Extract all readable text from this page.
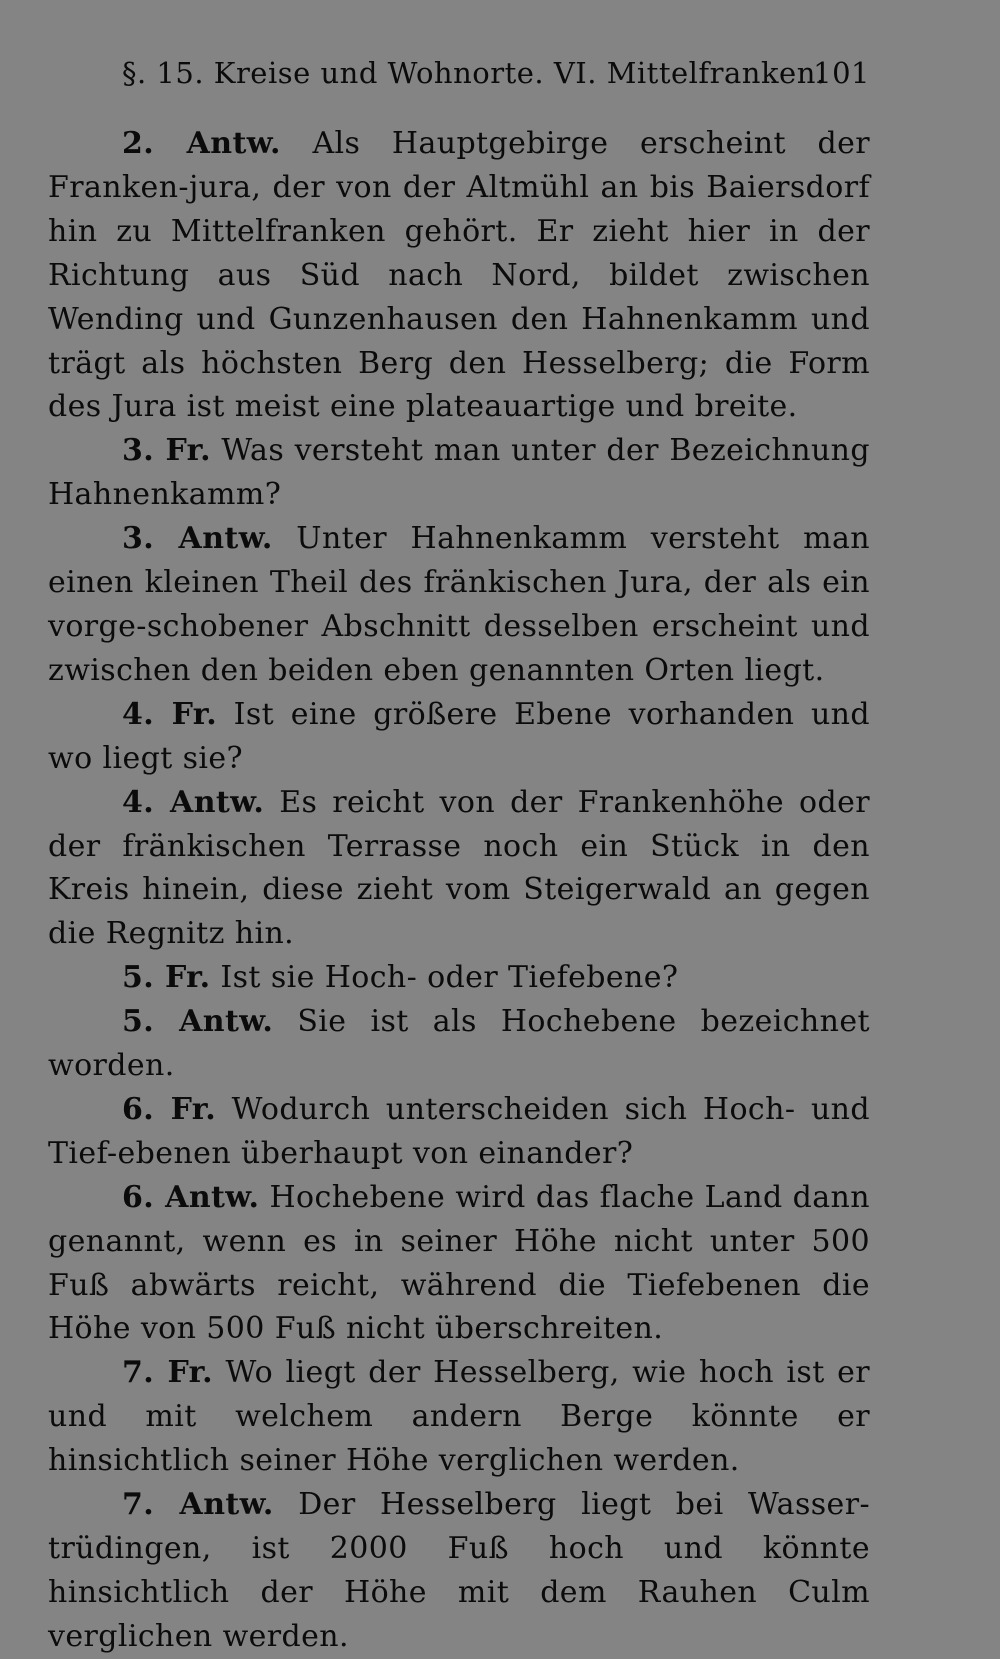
§. 15. Kreise und Wohnorte. VI. Mittelfranken.
101

2. Antw. Als Hauptgebirge erscheint der Franken-jura, der von der Altmühl an bis Baiersdorf hin zu Mittelfranken gehört. Er zieht hier in der Richtung aus Süd nach Nord, bildet zwischen Wending und Gunzenhausen den Hahnenkamm und trägt als höchsten Berg den Hesselberg; die Form des Jura ist meist eine plateauartige und breite.

3. Fr. Was versteht man unter der Bezeichnung Hahnenkamm?

3. Antw. Unter Hahnenkamm versteht man einen kleinen Theil des fränkischen Jura, der als ein vorge-schobener Abschnitt desselben erscheint und zwischen den beiden eben genannten Orten liegt.

4. Fr. Ist eine größere Ebene vorhanden und wo liegt sie?

4. Antw. Es reicht von der Frankenhöhe oder der fränkischen Terrasse noch ein Stück in den Kreis hinein, diese zieht vom Steigerwald an gegen die Regnitz hin.

5. Fr. Ist sie Hoch- oder Tiefebene?

5. Antw. Sie ist als Hochebene bezeichnet worden.

6. Fr. Wodurch unterscheiden sich Hoch- und Tief-ebenen überhaupt von einander?

6. Antw. Hochebene wird das flache Land dann genannt, wenn es in seiner Höhe nicht unter 500 Fuß abwärts reicht, während die Tiefebenen die Höhe von 500 Fuß nicht überschreiten.

7. Fr. Wo liegt der Hesselberg, wie hoch ist er und mit welchem andern Berge könnte er hinsichtlich seiner Höhe verglichen werden.

7. Antw. Der Hesselberg liegt bei Wasser-trüdingen, ist 2000 Fuß hoch und könnte hinsichtlich der Höhe mit dem Rauhen Culm verglichen werden.
